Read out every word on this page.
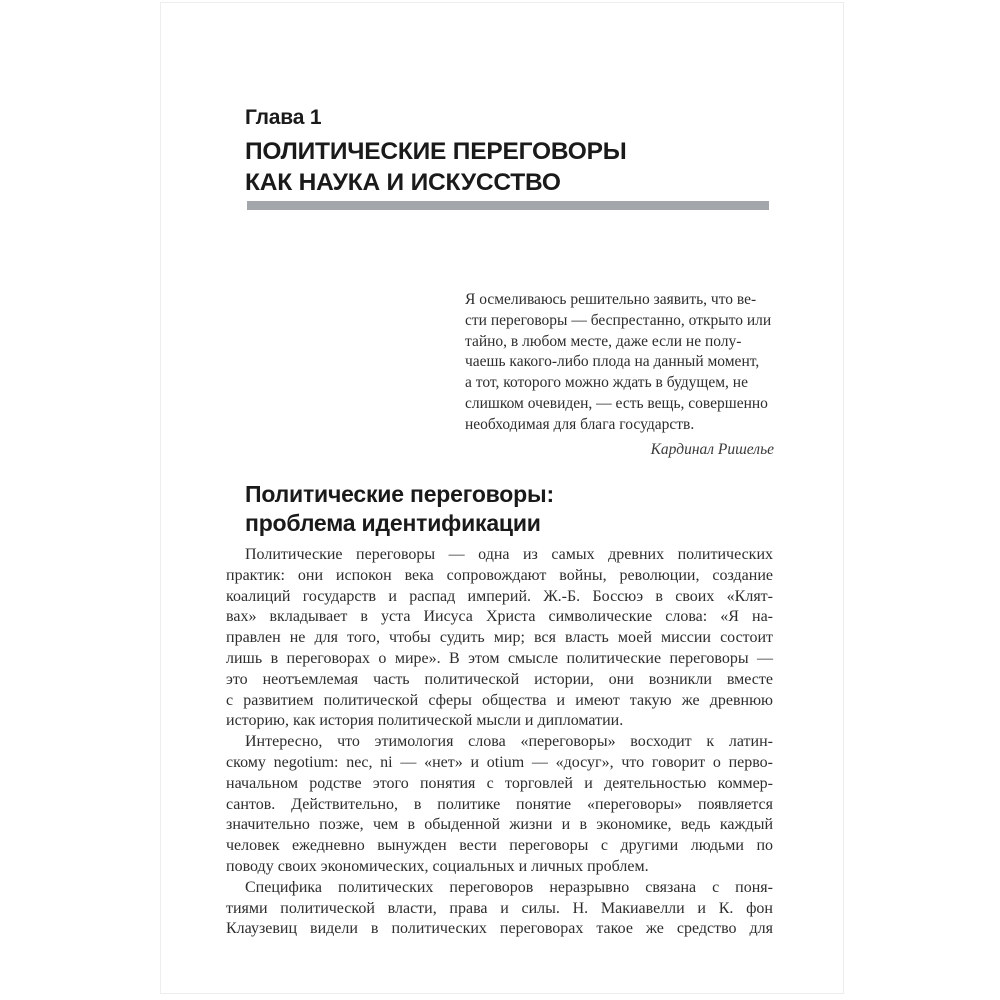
Глава 1
ПОЛИТИЧЕСКИЕ ПЕРЕГОВОРЫ
КАК НАУКА И ИСКУССТВО
Я осмеливаюсь решительно заявить, что ве-
сти переговоры — беспрестанно, открыто или
тайно, в любом месте, даже если не полу-
чаешь какого-либо плода на данный момент,
а тот, которого можно ждать в будущем, не
слишком очевиден, — есть вещь, совершенно
необходимая для блага государств.
Кардинал Ришелье
Политические переговоры:
проблема идентификации
Политические переговоры — одна из самых древних политических
практик: они испокон века сопровождают войны, революции, создание
коалиций государств и распад империй. Ж.-Б. Боссюэ в своих «Клят-
вах» вкладывает в уста Иисуса Христа символические слова: «Я на-
правлен не для того, чтобы судить мир; вся власть моей миссии состоит
лишь в переговорах о мире». В этом смысле политические переговоры —
это неотъемлемая часть политической истории, они возникли вместе
с развитием политической сферы общества и имеют такую же древнюю
историю, как история политической мысли и дипломатии.
Интересно, что этимология слова «переговоры» восходит к латин-
скому negotium: nec, ni — «нет» и otium — «досуг», что говорит о перво-
начальном родстве этого понятия с торговлей и деятельностью коммер-
сантов. Действительно, в политике понятие «переговоры» появляется
значительно позже, чем в обыденной жизни и в экономике, ведь каждый
человек ежедневно вынужден вести переговоры с другими людьми по
поводу своих экономических, социальных и личных проблем.
Специфика политических переговоров неразрывно связана с поня-
тиями политической власти, права и силы. Н. Макиавелли и К. фон
Клаузевиц видели в политических переговорах такое же средство для
